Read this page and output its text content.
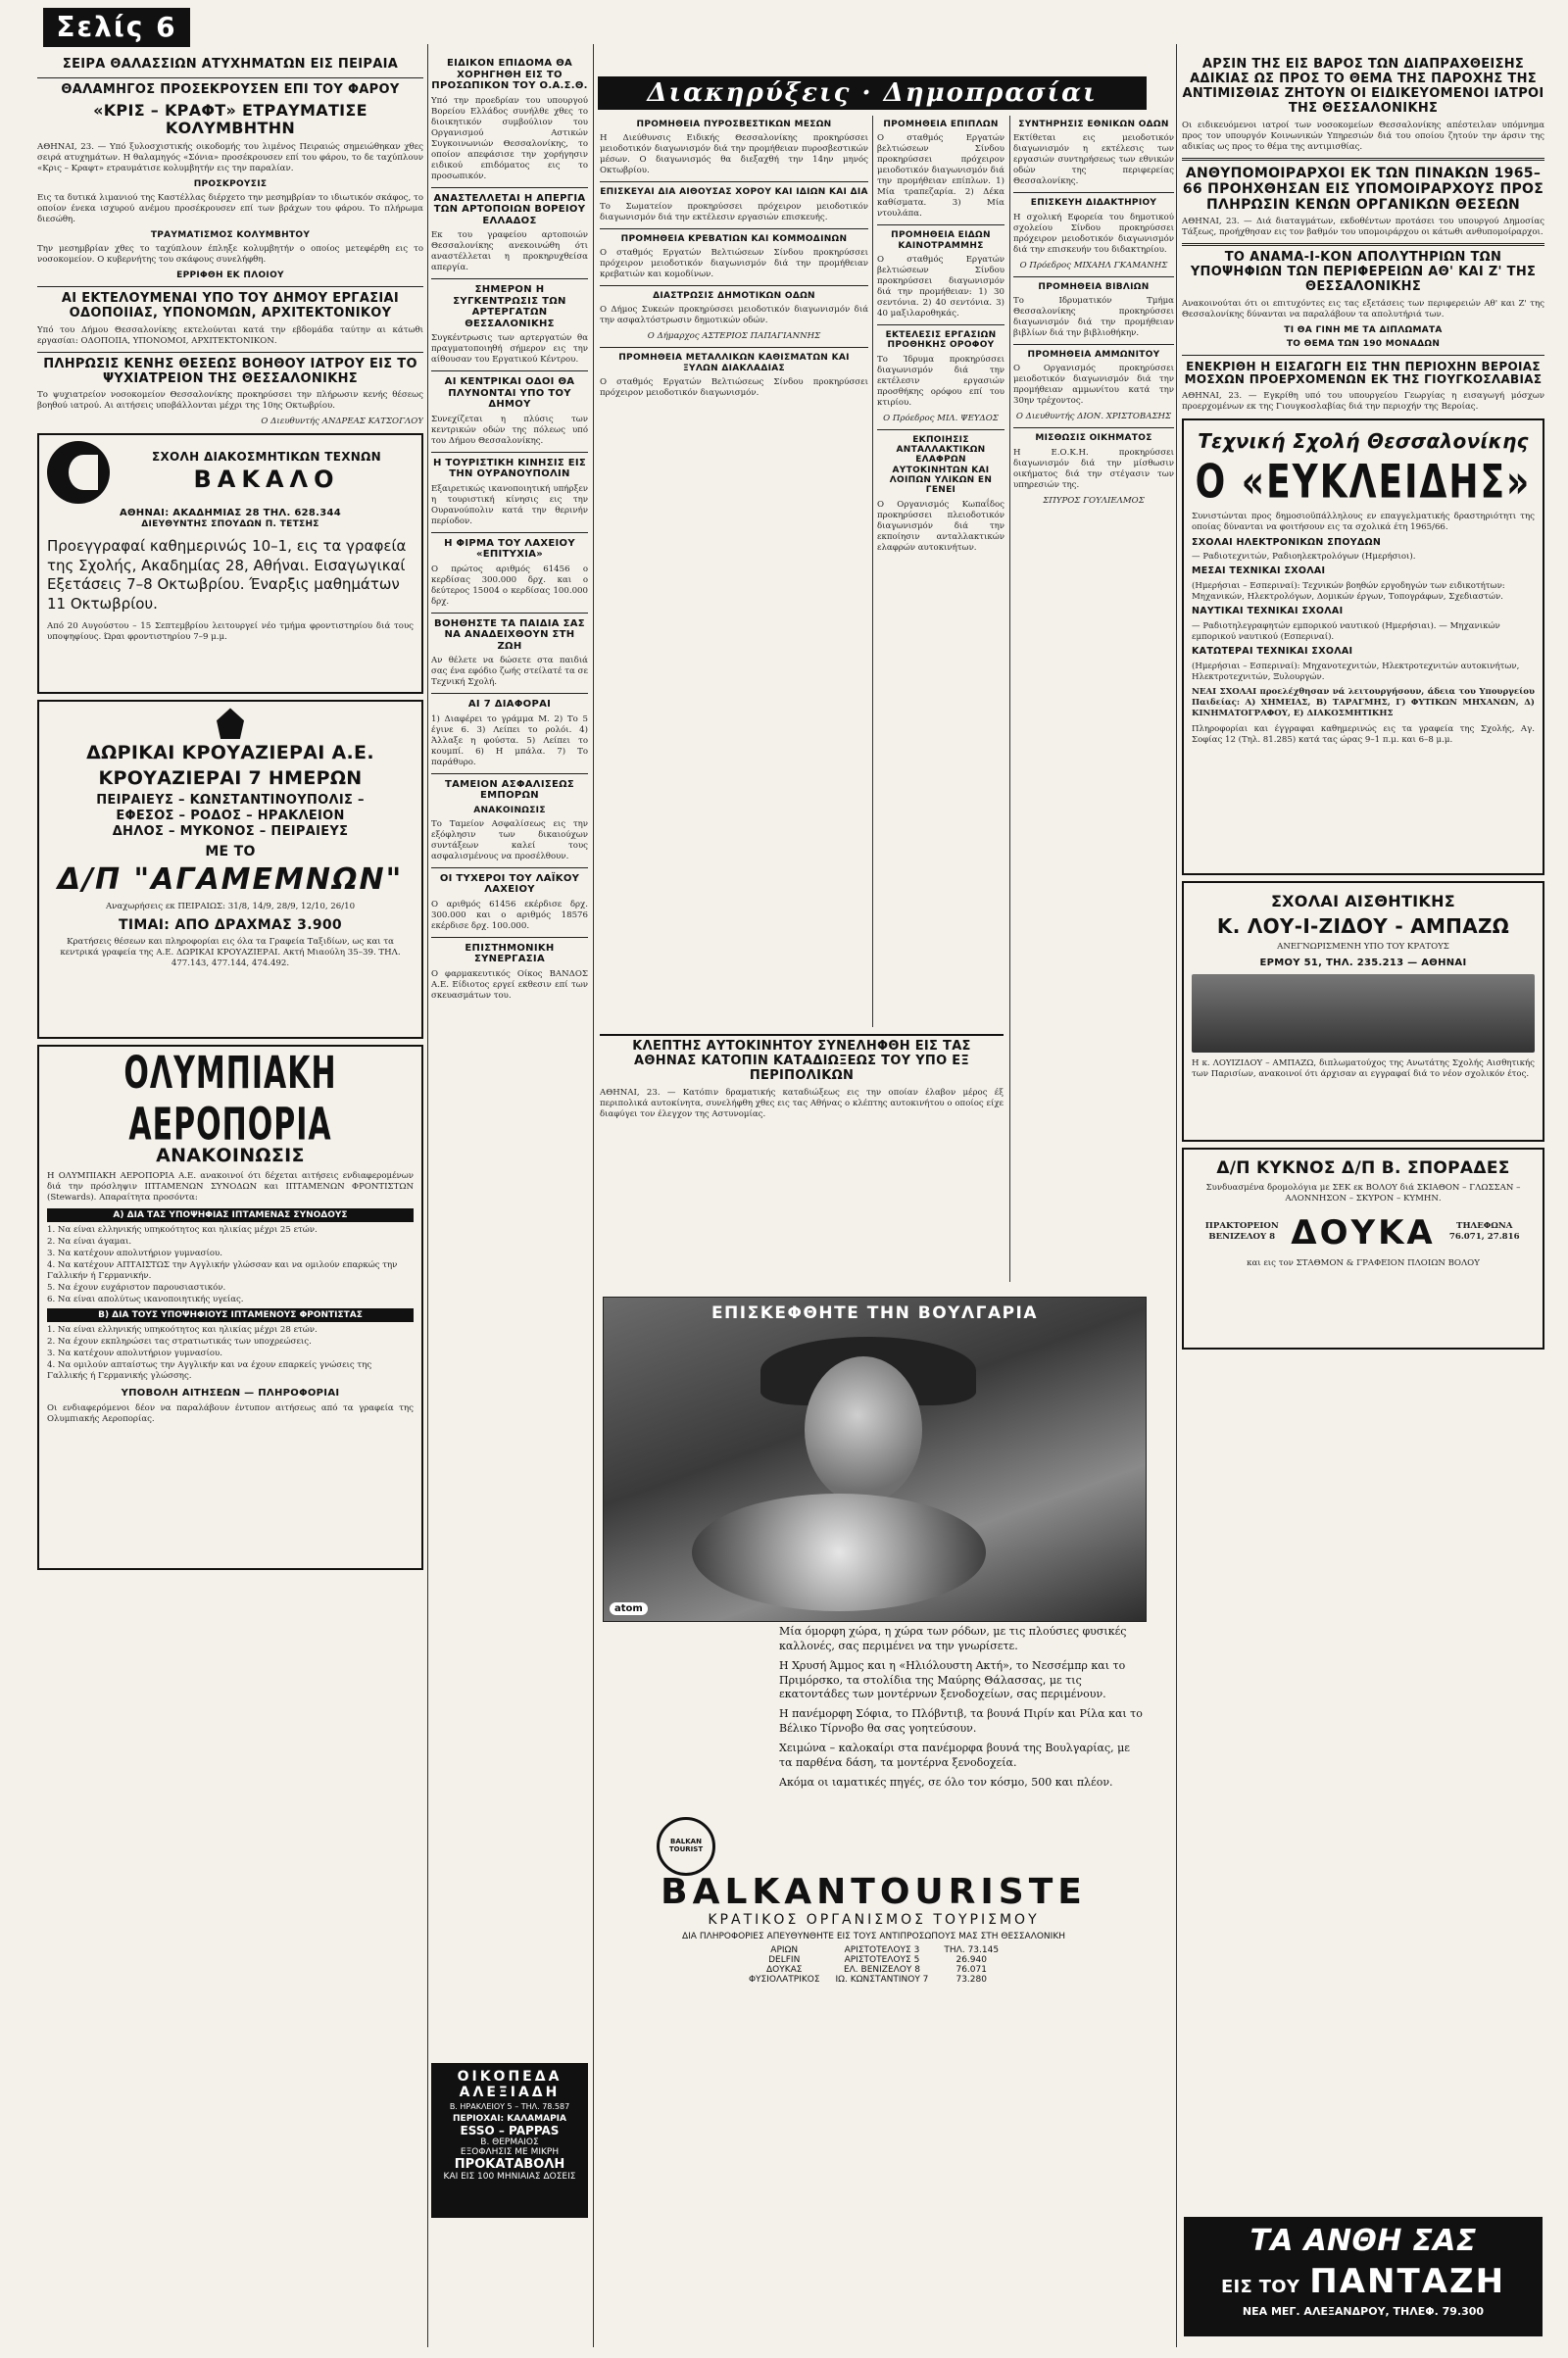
Σελίς 6
Διακηρύξεις · Δημοπρασίαι
ΣΕΙΡΑ ΘΑΛΑΣΣΙΩΝ ΑΤΥΧΗΜΑΤΩΝ ΕΙΣ ΠΕΙΡΑΙΑ
ΘΑΛΑΜΗΓΟΣ ΠΡΟΣΕΚΡΟΥΣΕΝ ΕΠΙ ΤΟΥ ΦΑΡΟΥ
«ΚΡΙΣ – ΚΡΑΦΤ» ΕΤΡΑΥΜΑΤΙΣΕ ΚΟΛΥΜΒΗΤΗΝ
ΑΘΗΝΑΙ, 23. — Υπό ξυλοσχιστικής οικοδομής του λιμένος Πειραιώς σημειώθηκαν χθες σειρά ατυχημάτων. Η θαλαμηγός «Σόνια» προσέκρουσεν επί του φάρου, το δε ταχύπλουν «Κρις – Κραφτ» ετραυμάτισε κολυμβητήν εις την παραλίαν.
ΠΡΟΣΚΡΟΥΣΙΣ
Εις τα δυτικά λιμανιού της Καστέλλας διέρχετο την μεσημβρίαν το ιδιωτικόν σκάφος, το οποίον ένεκα ισχυρού ανέμου προσέκρουσεν επί των βράχων του φάρου. Το πλήρωμα διεσώθη.
ΤΡΑΥΜΑΤΙΣΜΟΣ ΚΟΛΥΜΒΗΤΟΥ
Την μεσημβρίαν χθες το ταχύπλουν έπληξε κολυμβητήν ο οποίος μετεφέρθη εις το νοσοκομείον. Ο κυβερνήτης του σκάφους συνελήφθη.
ΕΡΡΙΦΘΗ ΕΚ ΠΛΟΙΟΥ
ΑΙ ΕΚΤΕΛΟΥΜΕΝΑΙ ΥΠΟ ΤΟΥ ΔΗΜΟΥ ΕΡΓΑΣΙΑΙ ΟΔΟΠΟΙΙΑΣ, ΥΠΟΝΟΜΩΝ, ΑΡΧΙΤΕΚΤΟΝΙΚΟΥ
Υπό του Δήμου Θεσσαλονίκης εκτελούνται κατά την εβδομάδα ταύτην αι κάτωθι εργασίαι: ΟΔΟΠΟΙΙΑ, ΥΠΟΝΟΜΟΙ, ΑΡΧΙΤΕΚΤΟΝΙΚΟΝ.
ΠΛΗΡΩΣΙΣ ΚΕΝΗΣ ΘΕΣΕΩΣ ΒΟΗΘΟΥ ΙΑΤΡΟΥ ΕΙΣ ΤΟ ΨΥΧΙΑΤΡΕΙΟΝ ΤΗΣ ΘΕΣΣΑΛΟΝΙΚΗΣ
Το ψυχιατρείον νοσοκομείον Θεσσαλονίκης προκηρύσσει την πλήρωσιν κενής θέσεως βοηθού ιατρού. Αι αιτήσεις υποβάλλονται μέχρι της 10ης Οκτωβρίου.
Ο Διευθυντής ΑΝΔΡΕΑΣ ΚΑΤΣΟΓΛΟΥ
ΣΧΟΛΗ ΔΙΑΚΟΣΜΗΤΙΚΩΝ ΤΕΧΝΩΝ
ΒΑΚΑΛΟ
ΑΘΗΝΑΙ: ΑΚΑΔΗΜΙΑΣ 28 ΤΗΛ. 628.344
ΔΙΕΥΘΥΝΤΗΣ ΣΠΟΥΔΩΝ Π. ΤΕΤΣΗΣ
Προεγγραφαί καθημερινώς 10–1, εις τα γραφεία της Σχολής, Ακαδημίας 28, Αθήναι. Εισαγωγικαί Εξετάσεις 7–8 Οκτωβρίου. Έναρξις μαθημάτων 11 Οκτωβρίου.
Από 20 Αυγούστου – 15 Σεπτεμβρίου λειτουργεί νέο τμήμα φροντιστηρίου διά τους υποψηφίους. Ώραι φροντιστηρίου 7–9 μ.μ.
ΔΩΡΙΚΑΙ ΚΡΟΥΑΖΙΕΡΑΙ Α.Ε.
ΚΡΟΥΑΖΙΕΡΑΙ 7 ΗΜΕΡΩΝ
ΠΕΙΡΑΙΕΥΣ – ΚΩΝΣΤΑΝΤΙΝΟΥΠΟΛΙΣ –
ΕΦΕΣΟΣ – ΡΟΔΟΣ – ΗΡΑΚΛΕΙΟΝ
ΔΗΛΟΣ – ΜΥΚΟΝΟΣ – ΠΕΙΡΑΙΕΥΣ
ΜΕ ΤΟ
Δ/Π "ΑΓΑΜΕΜΝΩΝ"
Αναχωρήσεις εκ ΠΕΙΡΑΙΩΣ: 31/8, 14/9, 28/9, 12/10, 26/10
ΤΙΜΑΙ: ΑΠΟ ΔΡΑΧΜΑΣ 3.900
Κρατήσεις θέσεων και πληροφορίαι εις όλα τα Γραφεία Ταξιδίων, ως και τα κεντρικά γραφεία της Α.Ε. ΔΩΡΙΚΑΙ ΚΡΟΥΑΖΙΕΡΑΙ. Ακτή Μιαούλη 35–39. ΤΗΛ. 477.143, 477.144, 474.492.
ΟΛΥΜΠΙΑΚΗ ΑΕΡΟΠΟΡΙΑ
ΑΝΑΚΟΙΝΩΣΙΣ
Η ΟΛΥΜΠΙΑΚΗ ΑΕΡΟΠΟΡΙΑ Α.Ε. ανακοινοί ότι δέχεται αιτήσεις ενδιαφερομένων διά την πρόσληψιν ΙΠΤΑΜΕΝΩΝ ΣΥΝΟΔΩΝ και ΙΠΤΑΜΕΝΩΝ ΦΡΟΝΤΙΣΤΩΝ (Stewards). Απαραίτητα προσόντα:
Α) ΔΙΑ ΤΑΣ ΥΠΟΨΗΦΙΑΣ ΙΠΤΑΜΕΝΑΣ ΣΥΝΟΔΟΥΣ
1. Να είναι ελληνικής υπηκοότητος και ηλικίας μέχρι 25 ετών.
2. Να είναι άγαμαι.
3. Να κατέχουν απολυτήριον γυμνασίου.
4. Να κατέχουν ΑΠΤΑΙΣΤΩΣ την Αγγλικήν γλώσσαν και να ομιλούν επαρκώς την Γαλλικήν ή Γερμανικήν.
5. Να έχουν ευχάριστον παρουσιαστικόν.
6. Να είναι απολύτως ικανοποιητικής υγείας.
Β) ΔΙΑ ΤΟΥΣ ΥΠΟΨΗΦΙΟΥΣ ΙΠΤΑΜΕΝΟΥΣ ΦΡΟΝΤΙΣΤΑΣ
1. Να είναι ελληνικής υπηκοότητος και ηλικίας μέχρι 28 ετών.
2. Να έχουν εκπληρώσει τας στρατιωτικάς των υποχρεώσεις.
3. Να κατέχουν απολυτήριον γυμνασίου.
4. Να ομιλούν απταίστως την Αγγλικήν και να έχουν επαρκείς γνώσεις της Γαλλικής ή Γερμανικής γλώσσης.
ΥΠΟΒΟΛΗ ΑΙΤΗΣΕΩΝ — ΠΛΗΡΟΦΟΡΙΑΙ
Οι ενδιαφερόμενοι δέον να παραλάβουν έντυπον αιτήσεως από τα γραφεία της Ολυμπιακής Αεροπορίας.
ΕΙΔΙΚΟΝ ΕΠΙΔΟΜΑ ΘΑ ΧΟΡΗΓΗΘΗ ΕΙΣ ΤΟ ΠΡΟΣΩΠΙΚΟΝ ΤΟΥ Ο.Α.Σ.Θ.
Υπό την προεδρίαν του υπουργού Βορείου Ελλάδος συνήλθε χθες το διοικητικόν συμβούλιον του Οργανισμού Αστικών Συγκοινωνιών Θεσσαλονίκης, το οποίον απεφάσισε την χορήγησιν ειδικού επιδόματος εις το προσωπικόν.
ΑΝΑΣΤΕΛΛΕΤΑΙ Η ΑΠΕΡΓΙΑ ΤΩΝ ΑΡΤΟΠΟΙΩΝ ΒΟΡΕΙΟΥ ΕΛΛΑΔΟΣ
Εκ του γραφείου αρτοποιών Θεσσαλονίκης ανεκοινώθη ότι αναστέλλεται η προκηρυχθείσα απεργία.
ΣΗΜΕΡΟΝ Η ΣΥΓΚΕΝΤΡΩΣΙΣ ΤΩΝ ΑΡΤΕΡΓΑΤΩΝ ΘΕΣΣΑΛΟΝΙΚΗΣ
Συγκέντρωσις των αρτεργατών θα πραγματοποιηθή σήμερον εις την αίθουσαν του Εργατικού Κέντρου.
ΑΙ ΚΕΝΤΡΙΚΑΙ ΟΔΟΙ ΘΑ ΠΛΥΝΟΝΤΑΙ ΥΠΟ ΤΟΥ ΔΗΜΟΥ
Συνεχίζεται η πλύσις των κεντρικών οδών της πόλεως υπό του Δήμου Θεσσαλονίκης.
Η ΤΟΥΡΙΣΤΙΚΗ ΚΙΝΗΣΙΣ ΕΙΣ ΤΗΝ ΟΥΡΑΝΟΥΠΟΛΙΝ
Εξαιρετικώς ικανοποιητική υπήρξεν η τουριστική κίνησις εις την Ουρανούπολιν κατά την θερινήν περίοδον.
Η ΦΙΡΜΑ ΤΟΥ ΛΑΧΕΙΟΥ «ΕΠΙΤΥΧΙΑ»
Ο πρώτος αριθμός 61456 ο κερδίσας 300.000 δρχ. και ο δεύτερος 15004 ο κερδίσας 100.000 δρχ.
ΒΟΗΘΗΣΤΕ ΤΑ ΠΑΙΔΙΑ ΣΑΣ ΝΑ ΑΝΑΔΕΙΧΘΟΥΝ ΣΤΗ ΖΩΗ
Αν θέλετε να δώσετε στα παιδιά σας ένα εφόδιο ζωής στείλατέ τα σε Τεχνική Σχολή.
ΑΙ 7 ΔΙΑΦΟΡΑΙ
1) Διαφέρει το γράμμα Μ. 2) Το 5 έγινε 6. 3) Λείπει το ρολόι. 4) Άλλαξε η φούστα. 5) Λείπει το κουμπί. 6) Η μπάλα. 7) Το παράθυρο.
ΤΑΜΕΙΟΝ ΑΣΦΑΛΙΣΕΩΣ ΕΜΠΟΡΩΝ
ΑΝΑΚΟΙΝΩΣΙΣ
Το Ταμείον Ασφαλίσεως εις την εξόφλησιν των δικαιούχων συντάξεων καλεί τους ασφαλισμένους να προσέλθουν.
ΟΙ ΤΥΧΕΡΟΙ ΤΟΥ ΛΑΪΚΟΥ ΛΑΧΕΙΟΥ
Ο αριθμός 61456 εκέρδισε δρχ. 300.000 και ο αριθμός 18576 εκέρδισε δρχ. 100.000.
ΕΠΙΣΤΗΜΟΝΙΚΗ ΣΥΝΕΡΓΑΣΙΑ
Ο φαρμακευτικός Οίκος ΒΑΝΔΟΣ Α.Ε. Είδιοτος εργεί εκθεσιν επί των σκευασμάτων του.
ΟΙΚΟΠΕΔΑ ΑΛΕΞΙΑΔΗ
Β. ΗΡΑΚΛΕΙΟΥ 5 – ΤΗΛ. 78.587
ΠΕΡΙΟΧΑΙ: ΚΑΛΑΜΑΡΙΑ
ESSO – PAPPAS
Β. ΘΕΡΜΑΙΟΣ
ΕΞΟΦΛΗΣΙΣ ΜΕ ΜΙΚΡΗ
ΠΡΟΚΑΤΑΒΟΛΗ
ΚΑΙ ΕΙΣ 100 ΜΗΝΙΑΙΑΣ ΔΟΣΕΙΣ
ΠΡΟΜΗΘΕΙΑ ΠΥΡΟΣΒΕΣΤΙΚΩΝ ΜΕΣΩΝ
Η Διεύθυνσις Ειδικής Θεσσαλονίκης προκηρύσσει μειοδοτικόν διαγωνισμόν διά την προμήθειαν πυροσβεστικών μέσων. Ο διαγωνισμός θα διεξαχθή την 14ην μηνός Οκτωβρίου.
ΕΠΙΣΚΕΥΑΙ ΔΙΑ ΑΙΘΟΥΣΑΣ ΧΟΡΟΥ ΚΑΙ ΙΔΙΩΝ ΚΑΙ ΔΙΑ
Το Σωματείον προκηρύσσει πρόχειρον μειοδοτικόν διαγωνισμόν διά την εκτέλεσιν εργασιών επισκευής.
ΠΡΟΜΗΘΕΙΑ ΚΡΕΒΑΤΙΩΝ ΚΑΙ ΚΟΜΜΟΔΙΝΩΝ
Ο σταθμός Εργατών Βελτιώσεων Σίνδου προκηρύσσει πρόχειρον μειοδοτικόν διαγωνισμόν διά την προμήθειαν κρεβατιών και κομοδίνων.
ΔΙΑΣΤΡΩΣΙΣ ΔΗΜΟΤΙΚΩΝ ΟΔΩΝ
Ο Δήμος Συκεών προκηρύσσει μειοδοτικόν διαγωνισμόν διά την ασφαλτόστρωσιν δημοτικών οδών.
Ο Δήμαρχος ΑΣΤΕΡΙΟΣ ΠΑΠΑΓΙΑΝΝΗΣ
ΠΡΟΜΗΘΕΙΑ ΜΕΤΑΛΛΙΚΩΝ ΚΑΘΙΣΜΑΤΩΝ ΚΑΙ ΞΥΛΩΝ ΔΙΑΚΛΑΔΙΑΣ
Ο σταθμός Εργατών Βελτιώσεως Σίνδου προκηρύσσει πρόχειρον μειοδοτικόν διαγωνισμόν.
ΠΡΟΜΗΘΕΙΑ ΕΠΙΠΛΩΝ
Ο σταθμός Εργατών βελτιώσεων Σίνδου προκηρύσσει πρόχειρον μειοδοτικόν διαγωνισμόν διά την προμήθειαν επίπλων. 1) Μία τραπεζαρία. 2) Δέκα καθίσματα. 3) Μία ντουλάπα.
ΠΡΟΜΗΘΕΙΑ ΕΙΔΩΝ ΚΑΙΝΟΤΡΑΜΜΗΣ
Ο σταθμός Εργατών βελτιώσεων Σίνδου προκηρύσσει διαγωνισμόν διά την προμήθειαν: 1) 30 σεντόνια. 2) 40 σεντόνια. 3) 40 μαξιλαροθηκάς.
ΕΚΤΕΛΕΣΙΣ ΕΡΓΑΣΙΩΝ ΠΡΟΘΗΚΗΣ ΟΡΟΦΟΥ
Το Ίδρυμα προκηρύσσει διαγωνισμόν διά την εκτέλεσιν εργασιών προσθήκης ορόφου επί του κτιρίου.
Ο Πρόεδρος ΜΙΛ. ΨΕΥΔΟΣ
ΕΚΠΟΙΗΣΙΣ ΑΝΤΑΛΛΑΚΤΙΚΩΝ ΕΛΑΦΡΩΝ ΑΥΤΟΚΙΝΗΤΩΝ ΚΑΙ ΛΟΙΠΩΝ ΥΛΙΚΩΝ ΕΝ ΓΕΝΕΙ
Ο Οργανισμός Κωπαΐδος προκηρύσσει πλειοδοτικόν διαγωνισμόν διά την εκποίησιν ανταλλακτικών ελαφρών αυτοκινήτων.
ΣΥΝΤΗΡΗΣΙΣ ΕΘΝΙΚΩΝ ΟΔΩΝ
Εκτίθεται εις μειοδοτικόν διαγωνισμόν η εκτέλεσις των εργασιών συντηρήσεως των εθνικών οδών της περιφερείας Θεσσαλονίκης.
ΕΠΙΣΚΕΥΗ ΔΙΔΑΚΤΗΡΙΟΥ
Η σχολική Εφορεία του δημοτικού σχολείου Σίνδου προκηρύσσει πρόχειρον μειοδοτικόν διαγωνισμόν διά την επισκευήν του διδακτηρίου.
Ο Πρόεδρος ΜΙΧΑΗΛ ΓΚΑΜΑΝΗΣ
ΠΡΟΜΗΘΕΙΑ ΒΙΒΛΙΩΝ
Το Ιδρυματικόν Τμήμα Θεσσαλονίκης προκηρύσσει διαγωνισμόν διά την προμήθειαν βιβλίων διά την βιβλιοθήκην.
ΠΡΟΜΗΘΕΙΑ ΑΜΜΩΝΙΤΟΥ
Ο Οργανισμός προκηρύσσει μειοδοτικόν διαγωνισμόν διά την προμήθειαν αμμωνίτου κατά την 30ην τρέχοντος.
Ο Διευθυντής ΔΙΟΝ. ΧΡΙΣΤΟΒΑΣΗΣ
ΜΙΣΘΩΣΙΣ ΟΙΚΗΜΑΤΟΣ
Η Ε.Ο.Κ.Η. προκηρύσσει διαγωνισμόν διά την μίσθωσιν οικήματος διά την στέγασιν των υπηρεσιών της.
ΣΠΥΡΟΣ ΓΟΥΛΙΕΛΜΟΣ
ΚΛΕΠΤΗΣ ΑΥΤΟΚΙΝΗΤΟΥ ΣΥΝΕΛΗΦΘΗ ΕΙΣ ΤΑΣ ΑΘΗΝΑΣ ΚΑΤΟΠΙΝ ΚΑΤΑΔΙΩΞΕΩΣ ΤΟΥ ΥΠΟ ΕΞ ΠΕΡΙΠΟΛΙΚΩΝ
ΑΘΗΝΑΙ, 23. — Κατόπιν δραματικής καταδιώξεως εις την οποίαν έλαβον μέρος έξ περιπολικά αυτοκίνητα, συνελήφθη χθες εις τας Αθήνας ο κλέπτης αυτοκινήτου ο οποίος είχε διαφύγει τον έλεγχον της Αστυνομίας.
ΕΠΙΣΚΕΦΘΗΤΕ ΤΗΝ ΒΟΥΛΓΑΡΙΑ
atom
Μία όμορφη χώρα, η χώρα των ρόδων, με τις πλούσιες φυσικές καλλονές, σας περιμένει να την γνωρίσετε.
Η Χρυσή Άμμος και η «Ηλιόλουστη Ακτή», το Νεσσέμπρ και το Πριμόρσκο, τα στολίδια της Μαύρης Θάλασσας, με τις εκατοντάδες των μοντέρνων ξενοδοχείων, σας περιμένουν.
Η πανέμορφη Σόφια, το Πλόβντιβ, τα βουνά Πιρίν και Ρίλα και το Βέλικο Τίρνοβο θα σας γοητεύσουν.
Χειμώνα – καλοκαίρι στα πανέμορφα βουνά της Βουλγαρίας, με τα παρθένα δάση, τα μοντέρνα ξενοδοχεία.
Ακόμα οι ιαματικές πηγές, σε όλο τον κόσμο, 500 και πλέον.
BALKAN TOURIST
BALKANTOURISTE
ΚΡΑΤΙΚΟΣ ΟΡΓΑΝΙΣΜΟΣ ΤΟΥΡΙΣΜΟΥ
ΔΙΑ ΠΛΗΡΟΦΟΡΙΕΣ ΑΠΕΥΘΥΝΘΗΤΕ ΕΙΣ ΤΟΥΣ ΑΝΤΙΠΡΟΣΩΠΟΥΣ ΜΑΣ ΣΤΗ ΘΕΣΣΑΛΟΝΙΚΗ
ΑΡΙΩΝ	ΑΡΙΣΤΟΤΕΛΟΥΣ 3	ΤΗΛ. 73.145
DELFIN	ΑΡΙΣΤΟΤΕΛΟΥΣ 5	26.940
ΔΟΥΚΑΣ	ΕΛ. ΒΕΝΙΖΕΛΟΥ 8	76.071
ΦΥΣΙΟΛΑΤΡΙΚΟΣ	ΙΩ. ΚΩΝΣΤΑΝΤΙΝΟΥ 7	73.280
ΑΡΣΙΝ ΤΗΣ ΕΙΣ ΒΑΡΟΣ ΤΩΝ ΔΙΑΠΡΑΧΘΕΙΣΗΣ ΑΔΙΚΙΑΣ ΩΣ ΠΡΟΣ ΤΟ ΘΕΜΑ ΤΗΣ ΠΑΡΟΧΗΣ ΤΗΣ ΑΝΤΙΜΙΣΘΙΑΣ ΖΗΤΟΥΝ ΟΙ ΕΙΔΙΚΕΥΟΜΕΝΟΙ ΙΑΤΡΟΙ ΤΗΣ ΘΕΣΣΑΛΟΝΙΚΗΣ
Οι ειδικευόμενοι ιατροί των νοσοκομείων Θεσσαλονίκης απέστειλαν υπόμνημα προς τον υπουργόν Κοινωνικών Υπηρεσιών διά του οποίου ζητούν την άρσιν της αδικίας ως προς το θέμα της αντιμισθίας.
ΑΝΘΥΠΟΜΟΙΡΑΡΧΟΙ ΕΚ ΤΩΝ ΠΙΝΑΚΩΝ 1965–66 ΠΡΟΗΧΘΗΣΑΝ ΕΙΣ ΥΠΟΜΟΙΡΑΡΧΟΥΣ ΠΡΟΣ ΠΛΗΡΩΣΙΝ ΚΕΝΩΝ ΟΡΓΑΝΙΚΩΝ ΘΕΣΕΩΝ
ΑΘΗΝΑΙ, 23. — Διά διαταγμάτων, εκδοθέντων προτάσει του υπουργού Δημοσίας Τάξεως, προήχθησαν εις τον βαθμόν του υπομοιράρχου οι κάτωθι ανθυπομοίραρχοι.
ΤΟ ΑΝΑΜΑ-Ι-ΚΟΝ ΑΠΟΛΥΤΗΡΙΩΝ ΤΩΝ ΥΠΟΨΗΦΙΩΝ ΤΩΝ ΠΕΡΙΦΕΡΕΙΩΝ ΑΘ' ΚΑΙ Ζ' ΤΗΣ ΘΕΣΣΑΛΟΝΙΚΗΣ
Ανακοινούται ότι οι επιτυχόντες εις τας εξετάσεις των περιφερειών Αθ' και Ζ' της Θεσσαλονίκης δύνανται να παραλάβουν τα απολυτήριά των.
ΤΙ ΘΑ ΓΙΝΗ ΜΕ ΤΑ ΔΙΠΛΩΜΑΤΑ
ΤΟ ΘΕΜΑ ΤΩΝ 190 ΜΟΝΑΔΩΝ
ΕΝΕΚΡΙΘΗ Η ΕΙΣΑΓΩΓΗ ΕΙΣ ΤΗΝ ΠΕΡΙΟΧΗΝ ΒΕΡΟΙΑΣ ΜΟΣΧΩΝ ΠΡΟΕΡΧΟΜΕΝΩΝ ΕΚ ΤΗΣ ΓΙΟΥΓΚΟΣΛΑΒΙΑΣ
ΑΘΗΝΑΙ, 23. — Εγκρίθη υπό του υπουργείου Γεωργίας η εισαγωγή μόσχων προερχομένων εκ της Γιουγκοσλαβίας διά την περιοχήν της Βεροίας.
Τεχνική Σχολή Θεσσαλονίκης
Ο «ΕΥΚΛΕΙΔΗΣ»
Συνιστώνται προς δημοσιοϋπάλληλους εν επαγγελματικής δραστηριότητι της οποίας δύνανται να φοιτήσουν εις τα σχολικά έτη 1965/66.
ΣΧΟΛΑΙ ΗΛΕΚΤΡΟΝΙΚΩΝ ΣΠΟΥΔΩΝ
— Ραδιοτεχνιτών, Ραδιοηλεκτρολόγων (Ημερήσιοι).
ΜΕΣΑΙ ΤΕΧΝΙΚΑΙ ΣΧΟΛΑΙ
(Ημερήσιαι – Εσπεριναί): Τεχνικών βοηθών εργοδηγών των ειδικοτήτων: Μηχανικών, Ηλεκτρολόγων, Δομικών έργων, Τοπογράφων, Σχεδιαστών.
ΝΑΥΤΙΚΑΙ ΤΕΧΝΙΚΑΙ ΣΧΟΛΑΙ
— Ραδιοτηλεγραφητών εμπορικού ναυτικού (Ημερήσιαι). — Μηχανικών εμπορικού ναυτικού (Εσπεριναί).
ΚΑΤΩΤΕΡΑΙ ΤΕΧΝΙΚΑΙ ΣΧΟΛΑΙ
(Ημερήσιαι – Εσπεριναί): Μηχανοτεχνιτών, Ηλεκτροτεχνιτών αυτοκινήτων, Ηλεκτροτεχνιτών, Ξυλουργών.
ΝΕΑΙ ΣΧΟΛΑΙ προελέχθησαν νά λειτουργήσουν, άδεια του Υπουργείου Παιδείας: Α) ΧΗΜΕΙΑΣ, Β) ΤΑΡΑΓΜΗΣ, Γ) ΦΥΤΙΚΩΝ ΜΗΧΑΝΩΝ, Δ) ΚΙΝΗΜΑΤΟΓΡΑΦΟΥ, Ε) ΔΙΑΚΟΣΜΗΤΙΚΗΣ
Πληροφορίαι και έγγραφαι καθημερινώς εις τα γραφεία της Σχολής, Αγ. Σοφίας 12 (Τηλ. 81.285) κατά τας ώρας 9–1 π.μ. και 6–8 μ.μ.
ΣΧΟΛΑΙ ΑΙΣΘΗΤΙΚΗΣ
Κ. ΛΟΥ-Ι-ΖΙΔΟΥ - ΑΜΠΑΖΩ
ΑΝΕΓΝΩΡΙΣΜΕΝΗ ΥΠΟ ΤΟΥ ΚΡΑΤΟΥΣ
ΕΡΜΟΥ 51, ΤΗΛ. 235.213 — ΑΘΗΝΑΙ
Η κ. ΛΟΥΙΖΙΔΟΥ – ΑΜΠΑΖΩ, διπλωματούχος της Ανωτάτης Σχολής Αισθητικής των Παρισίων, ανακοινοί ότι άρχισαν αι εγγραφαί διά το νέον σχολικόν έτος.
Δ/Π ΚΥΚΝΟΣ Δ/Π Β. ΣΠΟΡΑΔΕΣ
Συνδυασμένα δρομολόγια με ΣΕΚ εκ ΒΟΛΟΥ διά ΣΚΙΑΘΟΝ – ΓΛΩΣΣΑΝ – ΑΛΟΝΝΗΣΟΝ – ΣΚΥΡΟΝ – ΚΥΜΗΝ.
ΠΡΑΚΤΟΡΕΙΟΝ ΒΕΝΙΖΕΛΟΥ 8 ΔΟΥΚΑ	ΤΗΛΕΦΩΝΑ 76.071, 27.816
και εις τον ΣΤΑΘΜΟΝ & ΓΡΑΦΕΙΟΝ ΠΛΟΙΩΝ ΒΟΛΟΥ
ΤΑ ΑΝΘΗ ΣΑΣ
ΕΙΣ ΤΟΥ ΠΑΝΤΑΖΗ
ΝΕΑ ΜΕΓ. ΑΛΕΞΑΝΔΡΟΥ, ΤΗΛΕΦ. 79.300
